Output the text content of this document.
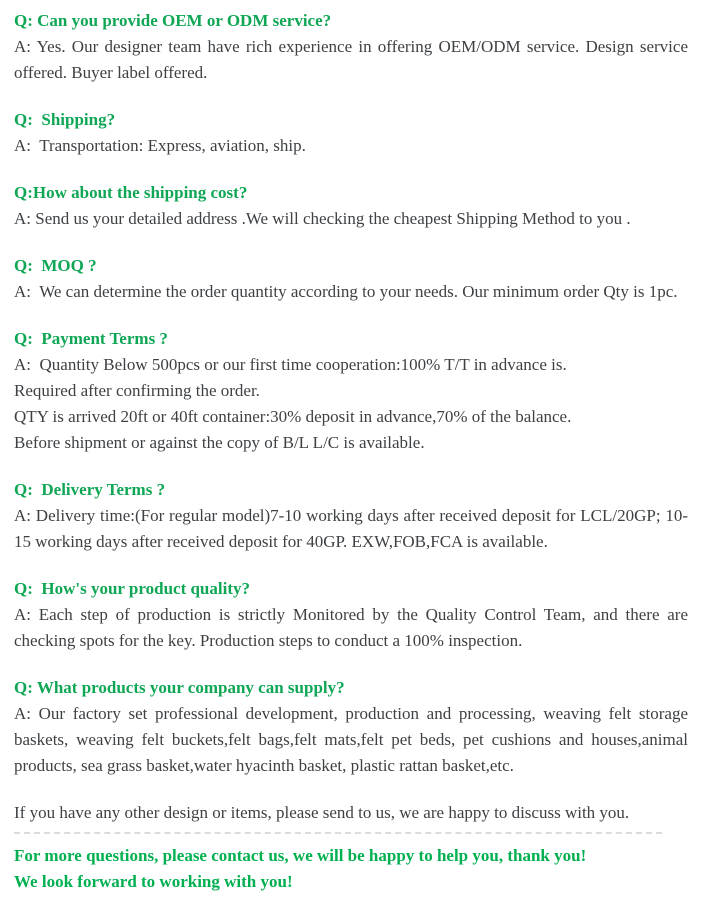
Q: Can you provide OEM or ODM service?

A: Yes. Our designer team have rich experience in offering OEM/ODM service. Design service offered. Buyer label offered.

Q:  Shipping?

A:  Transportation: Express, aviation, ship.

Q:How about the shipping cost?

A: Send us your detailed address .We will checking the cheapest Shipping Method to you .

Q:  MOQ ?

A:  We can determine the order quantity according to your needs. Our minimum order Qty is 1pc.

Q:  Payment Terms ?

A:  Quantity Below 500pcs or our first time cooperation:100% T/T in advance is.

Required after confirming the order.

QTY is arrived 20ft or 40ft container:30% deposit in advance,70% of the balance.

Before shipment or against the copy of B/L L/C is available.

Q:  Delivery Terms ?

A: Delivery time:(For regular model)7-10 working days after received deposit for LCL/20GP; 10-15 working days after received deposit for 40GP. EXW,FOB,FCA is available.

Q:  How's your product quality?

A: Each step of production is strictly Monitored by the Quality Control Team, and there are checking spots for the key. Production steps to conduct a 100% inspection.

Q: What products your company can supply?

A: Our factory set professional development, production and processing, weaving felt storage baskets, weaving felt buckets,felt bags,felt mats,felt pet beds, pet cushions and houses,animal products, sea grass basket,water hyacinth basket, plastic rattan basket,etc.

If you have any other design or items, please send to us, we are happy to discuss with you.

For more questions, please contact us, we will be happy to help you, thank you!

We look forward to working with you!
